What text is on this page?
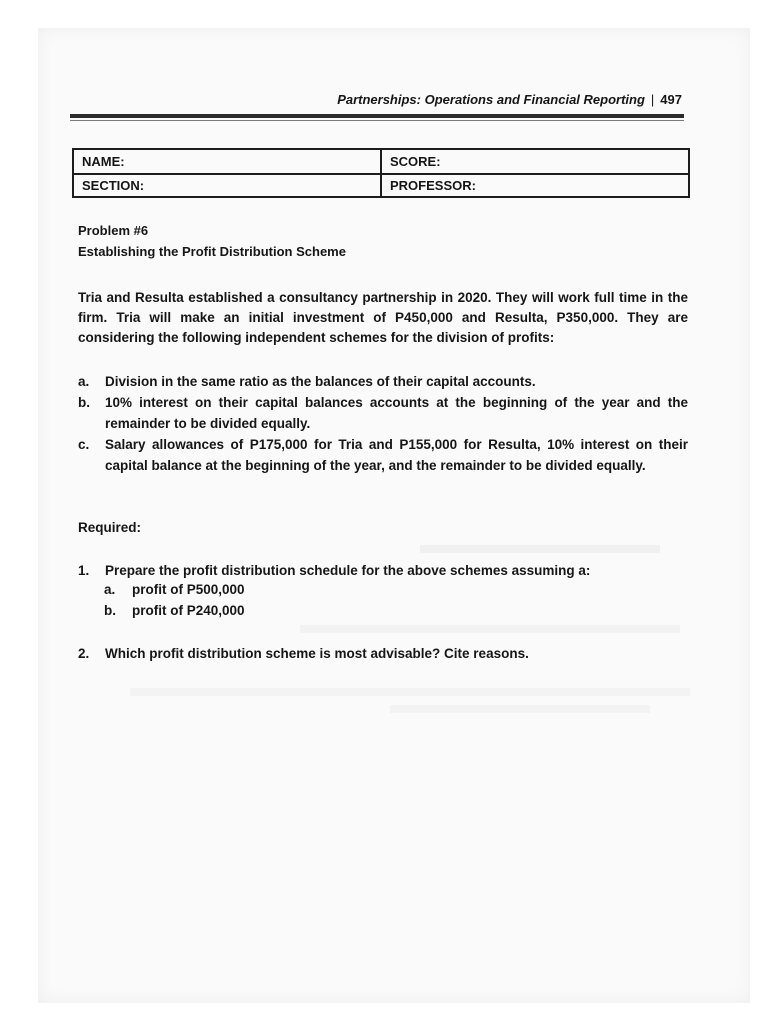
Partnerships: Operations and Financial Reporting | 497
NAME:	SCORE:
SECTION:	PROFESSOR:
Problem #6
Establishing the Profit Distribution Scheme

Tria and Resulta established a consultancy partnership in 2020. They will work full time in the firm. Tria will make an initial investment of P450,000 and Resulta, P350,000. They are considering the following independent schemes for the division of profits:

a.	Division in the same ratio as the balances of their capital accounts.
b.	10% interest on their capital balances accounts at the beginning of the year and the remainder to be divided equally.
c.	Salary allowances of P175,000 for Tria and P155,000 for Resulta, 10% interest on their capital balance at the beginning of the year, and the remainder to be divided equally.
Required:
1. Prepare the profit distribution schedule for the above schemes assuming a:
a. profit of P500,000
b. profit of P240,000
2. Which profit distribution scheme is most advisable? Cite reasons.
